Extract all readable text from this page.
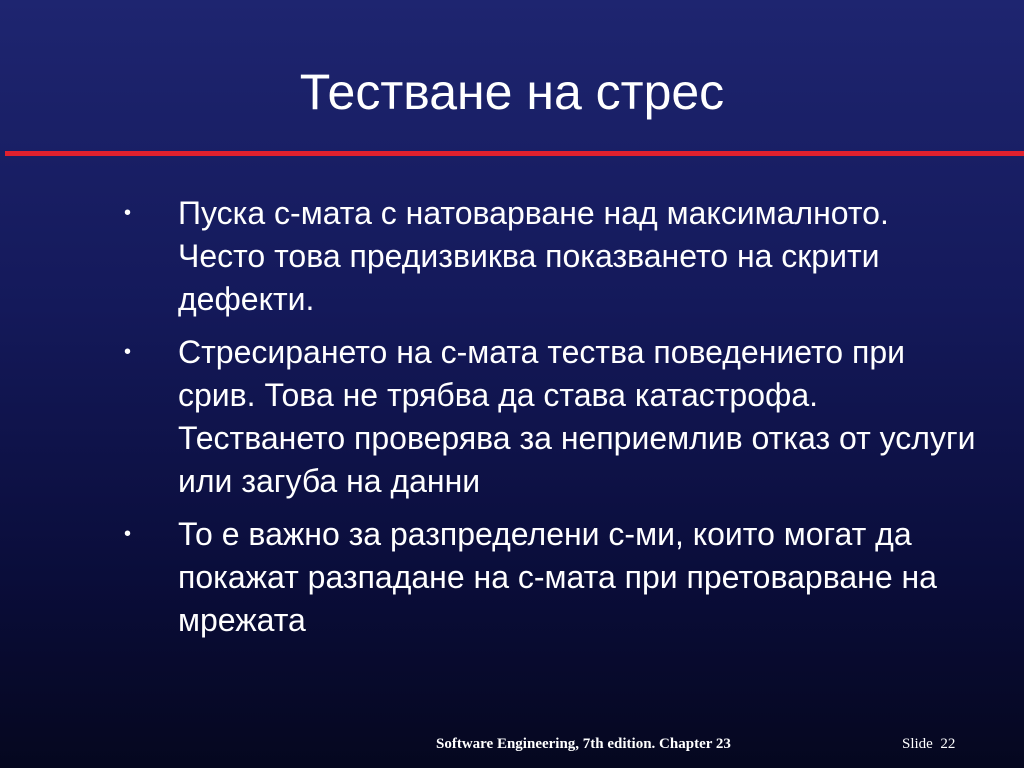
Тестване на стрес
• Пуска с-мата с натоварване над максималното. Често това предизвиква показването на скрити дефекти.
• Стресирането на с-мата тества поведението при срив. Това не трябва да става катастрофа. Тестването проверява за неприемлив отказ от услуги или загуба на данни
• То е важно за разпределени с-ми, които могат да покажат разпадане на с-мата при претоварване на мрежата
Software Engineering, 7th edition. Chapter 23	Slide  22
